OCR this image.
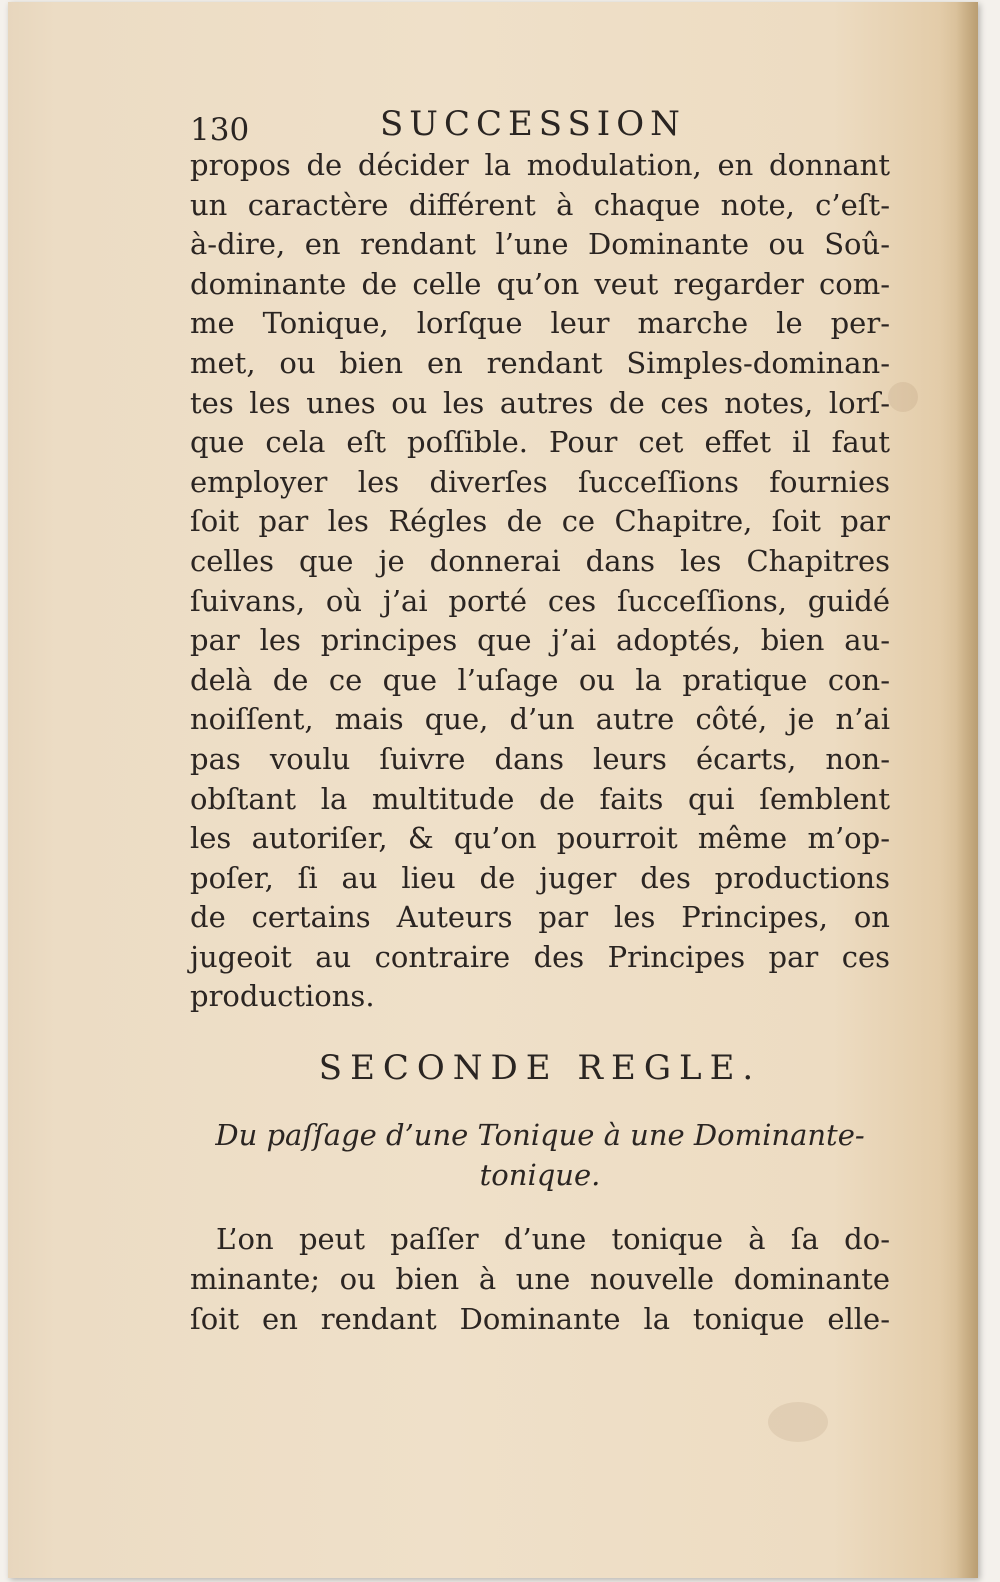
130	SUCCESSION
propos de décider la modulation, en donnant
un caractère différent à chaque note, c’eſt-
à-dire, en rendant l’une Dominante ou Soû-
dominante de celle qu’on veut regarder com-
me Tonique, lorſque leur marche le per-
met, ou bien en rendant Simples-dominan-
tes les unes ou les autres de ces notes, lorſ-
que cela eſt poſſible. Pour cet effet il faut
employer les diverſes ſucceſſions fournies
ſoit par les Régles de ce Chapitre, ſoit par
celles que je donnerai dans les Chapitres
ſuivans, où j’ai porté ces ſucceſſions, guidé
par les principes que j’ai adoptés, bien au-
delà de ce que l’uſage ou la pratique con-
noiſſent, mais que, d’un autre côté, je n’ai
pas voulu ſuivre dans leurs écarts, non-
obſtant la multitude de faits qui ſemblent
les autoriſer, & qu’on pourroit même m’op-
poſer, ſi au lieu de juger des productions
de certains Auteurs par les Principes, on
jugeoit au contraire des Principes par ces
productions.
SECONDE REGLE.
Du paſſage d’une Tonique à une Dominante-
tonique.
L’on peut paſſer d’une tonique à ſa do-
minante; ou bien à une nouvelle dominante
ſoit en rendant Dominante la tonique elle-
